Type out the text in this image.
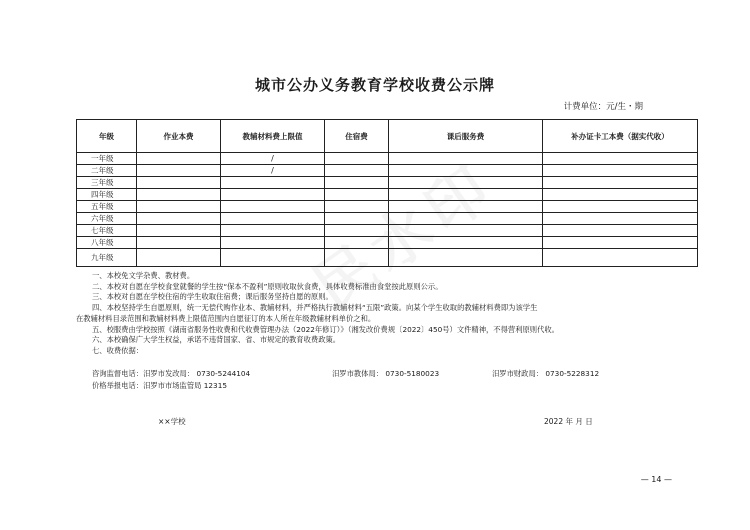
城市公办义务教育学校收费公示牌
计费单位：元/生・期
年级	作业本费	教辅材料费上限值	住宿费	课后服务费	补办证卡工本费（据实代收）
一年级		/			
二年级		/			
三年级					
四年级					
五年级					
六年级					
七年级					
八年级					
九年级					

一、本校免文学杂费、教材费。

二、本校对自愿在学校食堂就餐的学生按“保本不盈利”原则收取伙食费，具体收费标准由食堂按此原则公示。

三、本校对自愿在学校住宿的学生收取住宿费；课后服务坚持自愿的原则。

四、本校坚持学生自愿原则，统一无偿代购作业本、教辅材料，并严格执行教辅材料“五限”政策。向某个学生收取的教辅材料费即为该学生

在教辅材料目录范围和教辅材料费上限值范围内自愿征订的本人所在年级教辅材料单价之和。

五、校服费由学校按照《湖南省服务性收费和代收费管理办法（2022年修订）》（湘发改价费规〔2022〕450号）文件精神，不得营利原则代收。

六、本校确保广大学生权益，承诺不违背国家、省、市规定的教育收费政策。

七、收费依据：

咨询监督电话：汨罗市发改局： 0730-5244104	汨罗市教体局： 0730-5180023	汨罗市财政局： 0730-5228312
价格举报电话：汨罗市市场监管局 12315
××学校	2022 年 月 日
— 14 —
